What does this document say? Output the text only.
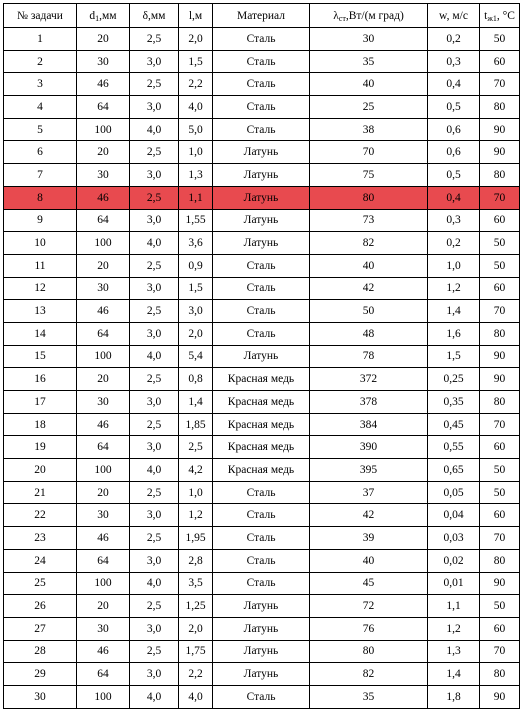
№ задачи	$d_1,мм$	δ,мм	l,м	Материал	$\lambda_{ст},Вт/(м$ град)	w, м/с	$t_{ж1}$, °С
1	20	2,5	2,0	Сталь	30	0,2	50
2	30	3,0	1,5	Сталь	35	0,3	60
3	46	2,5	2,2	Сталь	40	0,4	70
4	64	3,0	4,0	Сталь	25	0,5	80
5	100	4,0	5,0	Сталь	38	0,6	90
6	20	2,5	1,0	Латунь	70	0,6	90
7	30	3,0	1,3	Латунь	75	0,5	80
8	46	2,5	1,1	Латунь	80	0,4	70
9	64	3,0	1,55	Латунь	73	0,3	60
10	100	4,0	3,6	Латунь	82	0,2	50
11	20	2,5	0,9	Сталь	40	1,0	50
12	30	3,0	1,5	Сталь	42	1,2	60
13	46	2,5	3,0	Сталь	50	1,4	70
14	64	3,0	2,0	Сталь	48	1,6	80
15	100	4,0	5,4	Латунь	78	1,5	90
16	20	2,5	0,8	Красная медь	372	0,25	90
17	30	3,0	1,4	Красная медь	378	0,35	80
18	46	2,5	1,85	Красная медь	384	0,45	70
19	64	3,0	2,5	Красная медь	390	0,55	60
20	100	4,0	4,2	Красная медь	395	0,65	50
21	20	2,5	1,0	Сталь	37	0,05	50
22	30	3,0	1,2	Сталь	42	0,04	60
23	46	2,5	1,95	Сталь	39	0,03	70
24	64	3,0	2,8	Сталь	40	0,02	80
25	100	4,0	3,5	Сталь	45	0,01	90
26	20	2,5	1,25	Латунь	72	1,1	50
27	30	3,0	2,0	Латунь	76	1,2	60
28	46	2,5	1,75	Латунь	80	1,3	70
29	64	3,0	2,2	Латунь	82	1,4	80
30	100	4,0	4,0	Сталь	35	1,8	90
